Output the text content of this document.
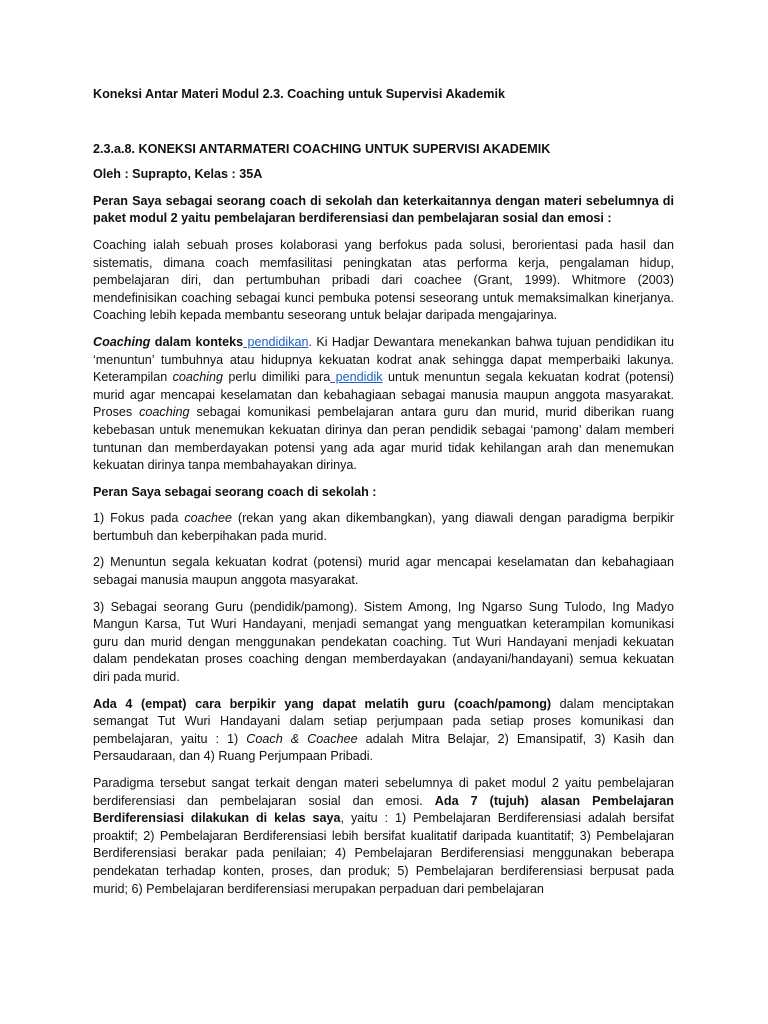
Koneksi Antar Materi Modul 2.3. Coaching untuk Supervisi Akademik

2.3.a.8. KONEKSI ANTARMATERI COACHING UNTUK SUPERVISI AKADEMIK

Oleh : Suprapto, Kelas : 35A

Peran Saya sebagai seorang coach di sekolah dan keterkaitannya dengan materi sebelumnya di paket modul 2 yaitu pembelajaran berdiferensiasi dan pembelajaran sosial dan emosi :

Coaching ialah sebuah proses kolaborasi yang berfokus pada solusi, berorientasi pada hasil dan sistematis, dimana coach memfasilitasi peningkatan atas performa kerja, pengalaman hidup, pembelajaran diri, dan pertumbuhan pribadi dari coachee (Grant, 1999). Whitmore (2003) mendefinisikan coaching sebagai kunci pembuka potensi seseorang untuk memaksimalkan kinerjanya. Coaching lebih kepada membantu seseorang untuk belajar daripada mengajarinya.

Coaching dalam konteks pendidikan. Ki Hadjar Dewantara menekankan bahwa tujuan pendidikan itu ‘menuntun’ tumbuhnya atau hidupnya kekuatan kodrat anak sehingga dapat memperbaiki lakunya. Keterampilan coaching perlu dimiliki para pendidik untuk menuntun segala kekuatan kodrat (potensi) murid agar mencapai keselamatan dan kebahagiaan sebagai manusia maupun anggota masyarakat. Proses coaching sebagai komunikasi pembelajaran antara guru dan murid, murid diberikan ruang kebebasan untuk menemukan kekuatan dirinya dan peran pendidik sebagai ‘pamong’ dalam memberi tuntunan dan memberdayakan potensi yang ada agar murid tidak kehilangan arah dan menemukan kekuatan dirinya tanpa membahayakan dirinya.

Peran Saya sebagai seorang coach di sekolah :

1) Fokus pada coachee (rekan yang akan dikembangkan), yang diawali dengan paradigma berpikir bertumbuh dan keberpihakan pada murid.

2) Menuntun segala kekuatan kodrat (potensi) murid agar mencapai keselamatan dan kebahagiaan sebagai manusia maupun anggota masyarakat.

3) Sebagai seorang Guru (pendidik/pamong). Sistem Among, Ing Ngarso Sung Tulodo, Ing Madyo Mangun Karsa, Tut Wuri Handayani, menjadi semangat yang menguatkan keterampilan komunikasi guru dan murid dengan menggunakan pendekatan coaching. Tut Wuri Handayani menjadi kekuatan dalam pendekatan proses coaching dengan memberdayakan (andayani/handayani) semua kekuatan diri pada murid.

Ada 4 (empat) cara berpikir yang dapat melatih guru (coach/pamong) dalam menciptakan semangat Tut Wuri Handayani dalam setiap perjumpaan pada setiap proses komunikasi dan pembelajaran, yaitu : 1) Coach & Coachee adalah Mitra Belajar, 2) Emansipatif, 3) Kasih dan Persaudaraan, dan 4) Ruang Perjumpaan Pribadi.

Paradigma tersebut sangat terkait dengan materi sebelumnya di paket modul 2 yaitu pembelajaran berdiferensiasi dan pembelajaran sosial dan emosi. Ada 7 (tujuh) alasan Pembelajaran Berdiferensiasi dilakukan di kelas saya, yaitu : 1) Pembelajaran Berdiferensiasi adalah bersifat proaktif; 2) Pembelajaran Berdiferensiasi lebih bersifat kualitatif daripada kuantitatif; 3) Pembelajaran Berdiferensiasi berakar pada penilaian; 4) Pembelajaran Berdiferensiasi menggunakan beberapa pendekatan terhadap konten, proses, dan produk; 5) Pembelajaran berdiferensiasi berpusat pada murid; 6) Pembelajaran berdiferensiasi merupakan perpaduan dari pembelajaran
